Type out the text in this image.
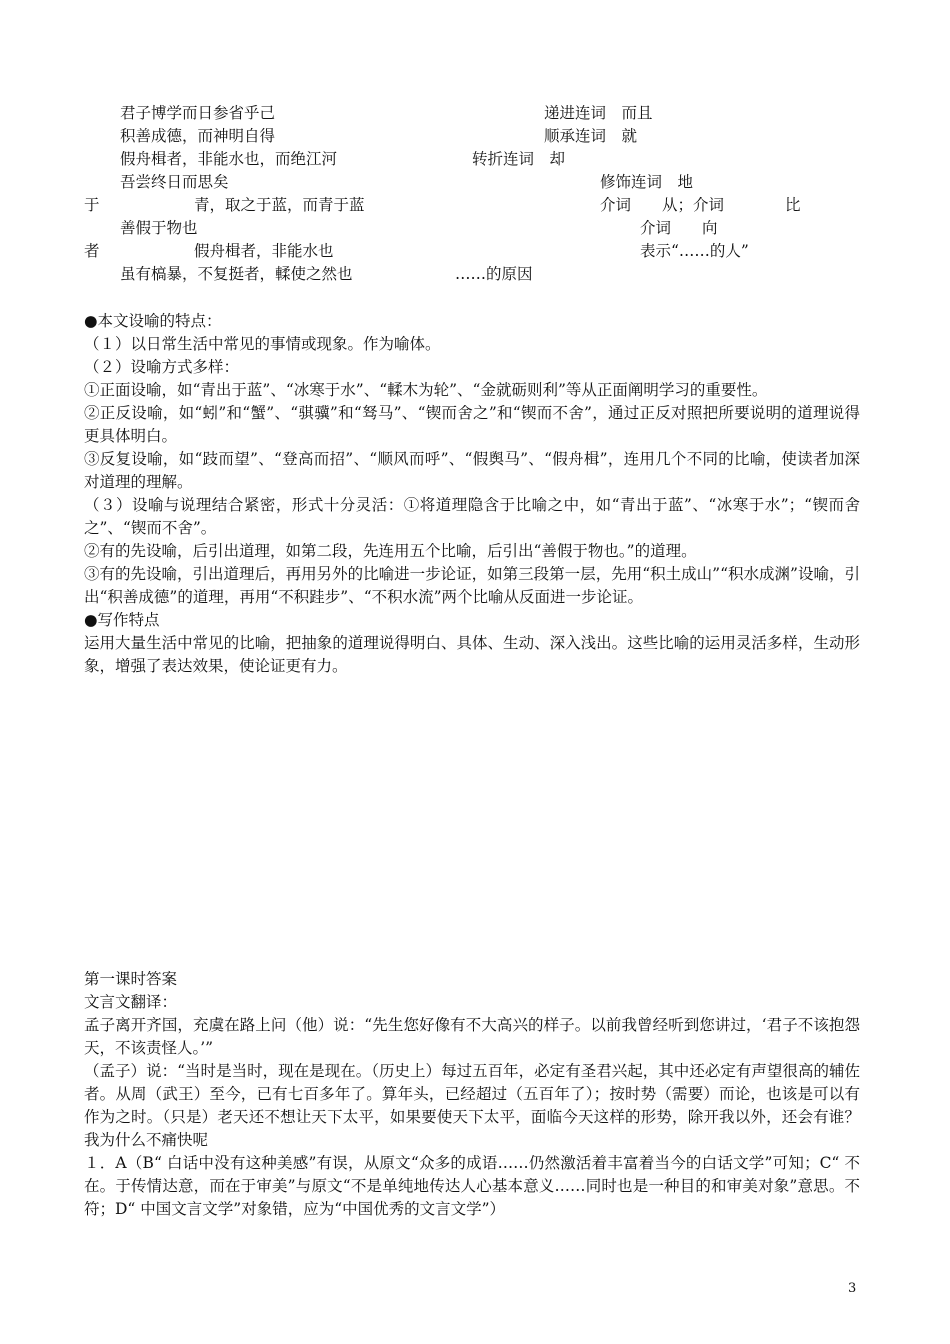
君子博学而日参省乎己	递进连词　而且
积善成德，而神明自得	顺承连词　就
假舟楫者，非能水也，而绝江河	转折连词　却
吾尝终日而思矣	修饰连词　地
于	青，取之于蓝，而青于蓝	介词　　从；介词	比
善假于物也	介词　　向
者	假舟楫者，非能水也	表示“……的人”
虽有槁暴，不复挺者，輮使之然也	……的原因

●本文设喻的特点：

（１）以日常生活中常见的事情或现象。作为喻体。

（２）设喻方式多样：

①正面设喻，如“青出于蓝”、“冰寒于水”、“輮木为轮”、“金就砺则利”等从正面阐明学习的重要性。

②正反设喻，如“蚓”和“蟹”、“骐骥”和“驽马”、“锲而舍之”和“锲而不舍”，通过正反对照把所要说明的道理说得更具体明白。

③反复设喻，如“跂而望”、“登高而招”、“顺风而呼”、“假舆马”、“假舟楫”，连用几个不同的比喻，使读者加深对道理的理解。

（３）设喻与说理结合紧密，形式十分灵活：①将道理隐含于比喻之中，如“青出于蓝”、“冰寒于水”；“锲而舍之”、“锲而不舍”。

②有的先设喻，后引出道理，如第二段，先连用五个比喻，后引出“善假于物也。”的道理。

③有的先设喻，引出道理后，再用另外的比喻进一步论证，如第三段第一层，先用“积土成山”“积水成渊”设喻，引出“积善成德”的道理，再用“不积跬步”、“不积水流”两个比喻从反面进一步论证。

●写作特点

运用大量生活中常见的比喻，把抽象的道理说得明白、具体、生动、深入浅出。这些比喻的运用灵活多样，生动形象，增强了表达效果，使论证更有力。

第一课时答案

文言文翻译：

孟子离开齐国，充虞在路上问（他）说：“先生您好像有不大高兴的样子。以前我曾经听到您讲过，‘君子不该抱怨天，不该责怪人。’”

（孟子）说：“当时是当时，现在是现在。（历史上）每过五百年，必定有圣君兴起，其中还必定有声望很高的辅佐者。从周（武王）至今，已有七百多年了。算年头，已经超过（五百年了）；按时势（需要）而论，也该是可以有作为之时。（只是）老天还不想让天下太平，如果要使天下太平，面临今天这样的形势，除开我以外，还会有谁？我为什么不痛快呢

１．A（B“ 白话中没有这种美感”有误，从原文“众多的成语……仍然激活着丰富着当今的白话文学”可知；C“ 不在。于传情达意，而在于审美”与原文“不是单纯地传达人心基本意义……同时也是一种目的和审美对象”意思。不符；D“ 中国文言文学”对象错，应为“中国优秀的文言文学”）

3
